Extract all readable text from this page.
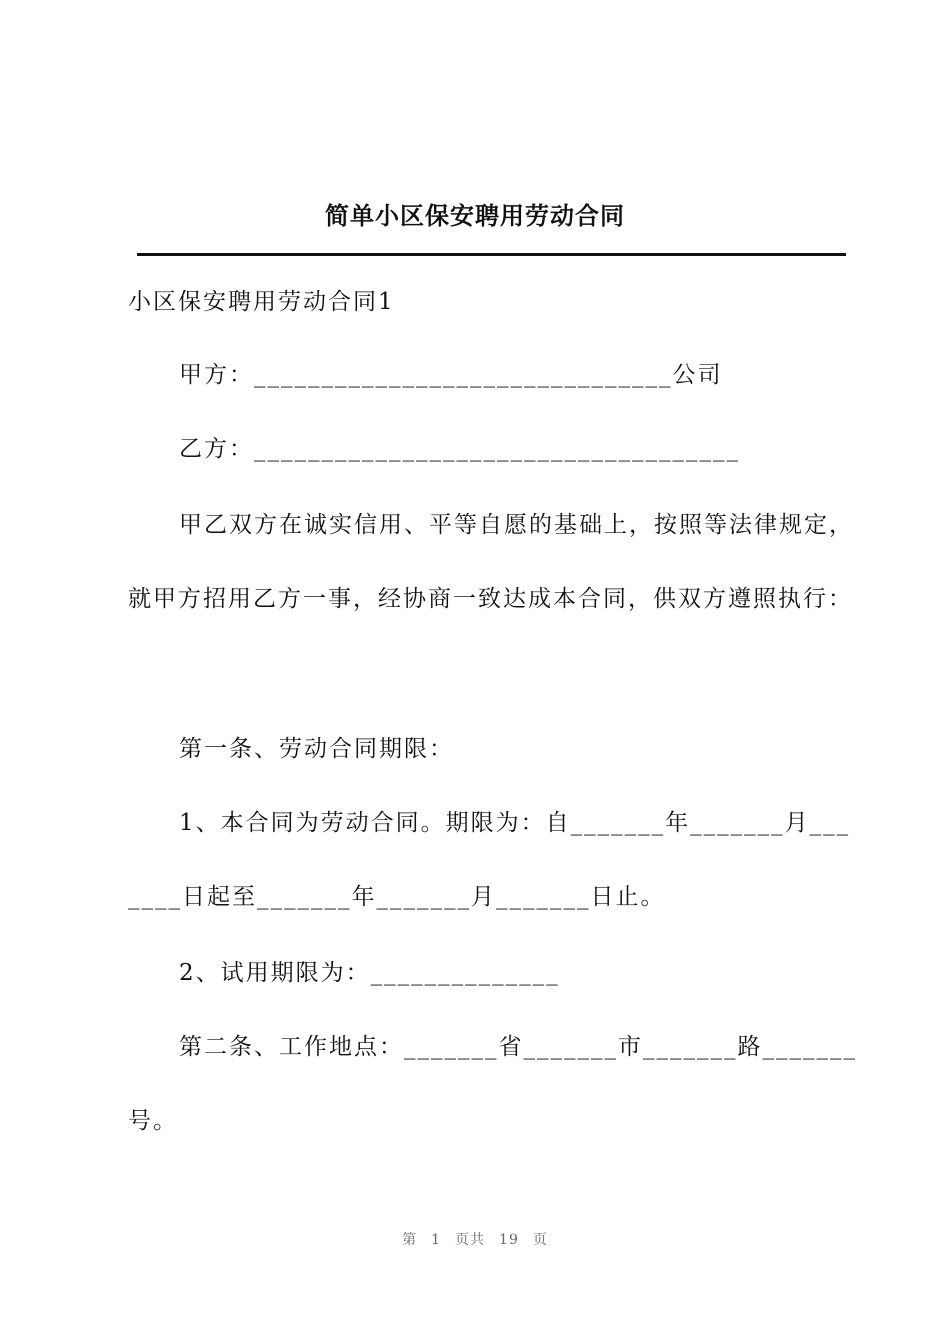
简单小区保安聘用劳动合同
小区保安聘用劳动合同1
甲方：_______________________________公司
乙方：____________________________________
甲乙双方在诚实信用、平等自愿的基础上，按照等法律规定，
就甲方招用乙方一事，经协商一致达成本合同，供双方遵照执行：
第一条、劳动合同期限：
1、本合同为劳动合同。期限为：自_______年_______月___
____日起至_______年_______月_______日止。
2、试用期限为：______________
第二条、工作地点：_______省_______市_______路_______
号。
第 1 页共 19 页
